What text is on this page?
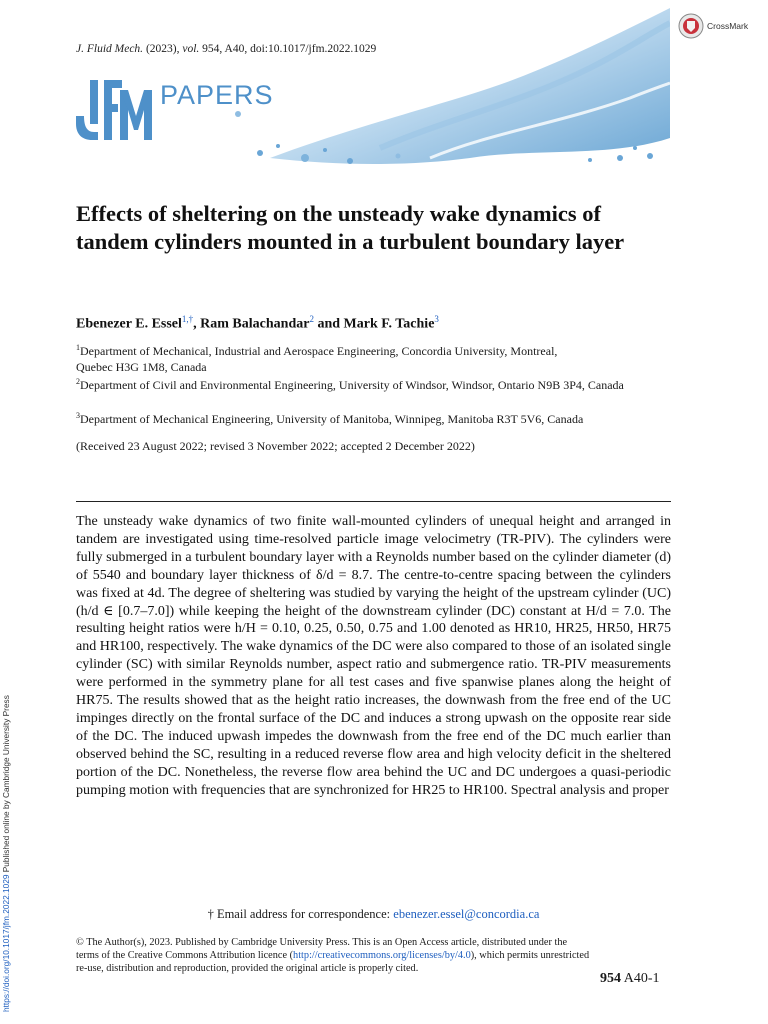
J. Fluid Mech. (2023), vol. 954, A40, doi:10.1017/jfm.2022.1029
CrossMark
PAPERS
Effects of sheltering on the unsteady wake dynamics of tandem cylinders mounted in a turbulent boundary layer
Ebenezer E. Essel$^{1,\dagger}$, Ram Balachandar$^2$ and Mark F. Tachie$^3$
$^1$Department of Mechanical, Industrial and Aerospace Engineering, Concordia University, Montreal, Quebec H3G 1M8, Canada
$^2$Department of Civil and Environmental Engineering, University of Windsor, Windsor, Ontario N9B 3P4, Canada
$^3$Department of Mechanical Engineering, University of Manitoba, Winnipeg, Manitoba R3T 5V6, Canada
(Received 23 August 2022; revised 3 November 2022; accepted 2 December 2022)
The unsteady wake dynamics of two finite wall-mounted cylinders of unequal height and arranged in tandem are investigated using time-resolved particle image velocimetry (TR-PIV). The cylinders were fully submerged in a turbulent boundary layer with a Reynolds number based on the cylinder diameter (d) of 5540 and boundary layer thickness of δ/d = 8.7. The centre-to-centre spacing between the cylinders was fixed at 4d. The degree of sheltering was studied by varying the height of the upstream cylinder (UC) (h/d ∈ [0.7–7.0]) while keeping the height of the downstream cylinder (DC) constant at H/d = 7.0. The resulting height ratios were h/H = 0.10, 0.25, 0.50, 0.75 and 1.00 denoted as HR10, HR25, HR50, HR75 and HR100, respectively. The wake dynamics of the DC were also compared to those of an isolated single cylinder (SC) with similar Reynolds number, aspect ratio and submergence ratio. TR-PIV measurements were performed in the symmetry plane for all test cases and five spanwise planes along the height of HR75. The results showed that as the height ratio increases, the downwash from the free end of the UC impinges directly on the frontal surface of the DC and induces a strong upwash on the opposite rear side of the DC. The induced upwash impedes the downwash from the free end of the DC much earlier than observed behind the SC, resulting in a reduced reverse flow area and high velocity deficit in the sheltered portion of the DC. Nonetheless, the reverse flow area behind the UC and DC undergoes a quasi-periodic pumping motion with frequencies that are synchronized for HR25 to HR100. Spectral analysis and proper
† Email address for correspondence: ebenezer.essel@concordia.ca
© The Author(s), 2023. Published by Cambridge University Press. This is an Open Access article, distributed under the terms of the Creative Commons Attribution licence (http://creativecommons.org/licenses/by/4.0), which permits unrestricted re-use, distribution and reproduction, provided the original article is properly cited.
954 A40-1
https://doi.org/10.1017/jfm.2022.1029 Published online by Cambridge University Press
